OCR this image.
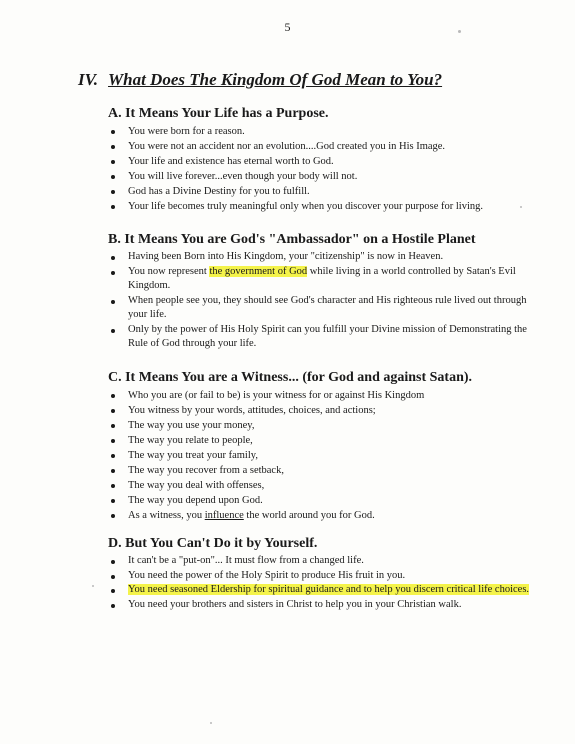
5
IV. What Does The Kingdom Of God Mean to You?
A. It Means Your Life has a Purpose.
You were born for a reason.
You were not an accident nor an evolution....God created you in His Image.
Your life and existence has eternal worth to God.
You will live forever...even though your body will not.
God has a Divine Destiny for you to fulfill.
Your life becomes truly meaningful only when you discover your purpose for living.
B. It Means You are God's "Ambassador" on a Hostile Planet
Having been Born into His Kingdom, your "citizenship" is now in Heaven.
You now represent the government of God while living in a world controlled by Satan's Evil Kingdom.
When people see you, they should see God's character and His righteous rule lived out through your life.
Only by the power of His Holy Spirit can you fulfill your Divine mission of Demonstrating the Rule of God through your life.
C. It Means You are a Witness... (for God and against Satan).
Who you are (or fail to be) is your witness for or against His Kingdom
You witness by your words, attitudes, choices, and actions;
The way you use your money,
The way you relate to people,
The way you treat your family,
The way you recover from a setback,
The way you deal with offenses,
The way you depend upon God.
As a witness, you influence the world around you for God.
D. But You Can't Do it by Yourself.
It can't be a "put-on"... It must flow from a changed life.
You need the power of the Holy Spirit to produce His fruit in you.
You need seasoned Eldership for spiritual guidance and to help you discern critical life choices.
You need your brothers and sisters in Christ to help you in your Christian walk.
